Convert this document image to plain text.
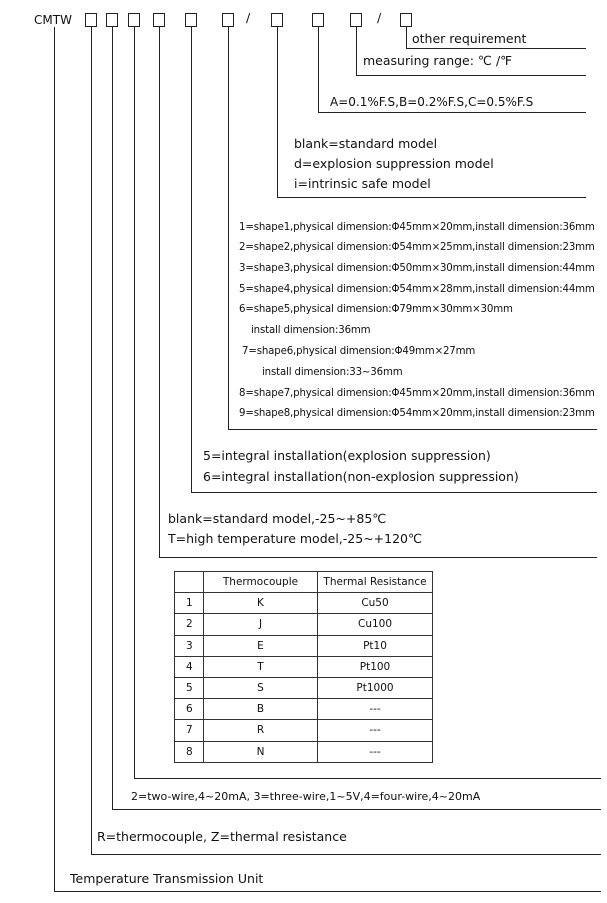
CMTW	/	/
other requirement
measuring range: ℃ /℉
A=0.1%F.S,B=0.2%F.S,C=0.5%F.S
blank=standard model
d=explosion suppression model
i=intrinsic safe model
1=shape1,physical dimension:Φ45mm×20mm,install dimension:36mm
2=shape2,physical dimension:Φ54mm×25mm,install dimension:23mm
3=shape3,physical dimension:Φ50mm×30mm,install dimension:44mm
5=shape4,physical dimension:Φ54mm×28mm,install dimension:44mm
6=shape5,physical dimension:Φ79mm×30mm×30mm
install dimension:36mm
7=shape6,physical dimension:Φ49mm×27mm
install dimension:33~36mm
8=shape7,physical dimension:Φ45mm×20mm,install dimension:36mm
9=shape8,physical dimension:Φ54mm×20mm,install dimension:23mm
5=integral installation(explosion suppression)
6=integral installation(non-explosion suppression)
blank=standard model,-25~+85℃
T=high temperature model,-25~+120℃
	Thermocouple	Thermal Resistance
1	K	Cu50
2	J	Cu100
3	E	Pt10
4	T	Pt100
5	S	Pt1000
6	B	---
7	R	---
8	N	---
2=two-wire,4~20mA, 3=three-wire,1~5V,4=four-wire,4~20mA
R=thermocouple, Z=thermal resistance
Temperature Transmission Unit
